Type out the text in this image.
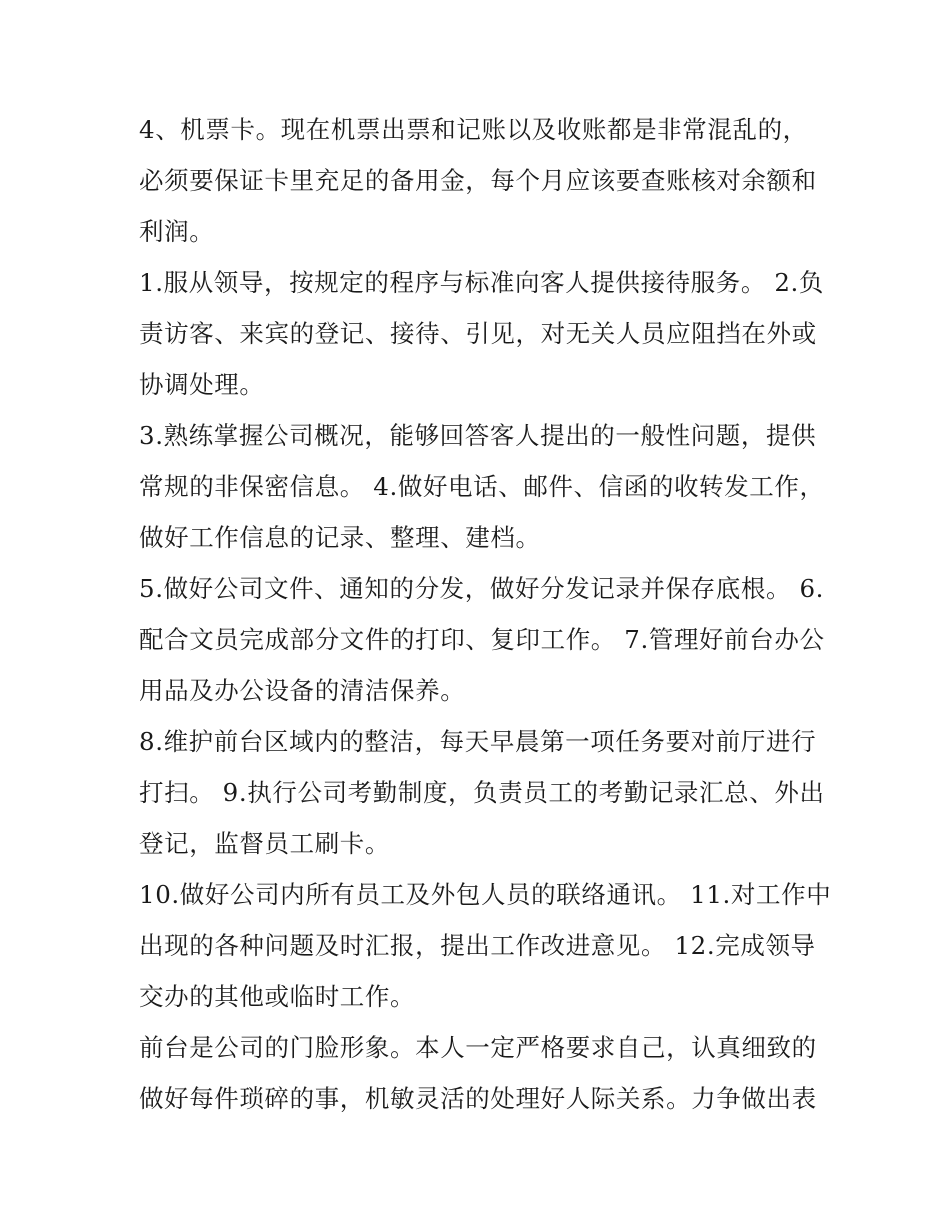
4、机票卡。现在机票出票和记账以及收账都是非常混乱的，
必须要保证卡里充足的备用金，每个月应该要查账核对余额和
利润。
1.服从领导，按规定的程序与标准向客人提供接待服务。 2.负
责访客、来宾的登记、接待、引见，对无关人员应阻挡在外或
协调处理。
3.熟练掌握公司概况，能够回答客人提出的一般性问题，提供
常规的非保密信息。 4.做好电话、邮件、信函的收转发工作，
做好工作信息的记录、整理、建档。
5.做好公司文件、通知的分发，做好分发记录并保存底根。 6.
配合文员完成部分文件的打印、复印工作。 7.管理好前台办公
用品及办公设备的清洁保养。
8.维护前台区域内的整洁，每天早晨第一项任务要对前厅进行
打扫。 9.执行公司考勤制度，负责员工的考勤记录汇总、外出
登记，监督员工刷卡。
10.做好公司内所有员工及外包人员的联络通讯。 11.对工作中
出现的各种问题及时汇报，提出工作改进意见。 12.完成领导
交办的其他或临时工作。
前台是公司的门脸形象。本人一定严格要求自己，认真细致的
做好每件琐碎的事，机敏灵活的处理好人际关系。力争做出表
